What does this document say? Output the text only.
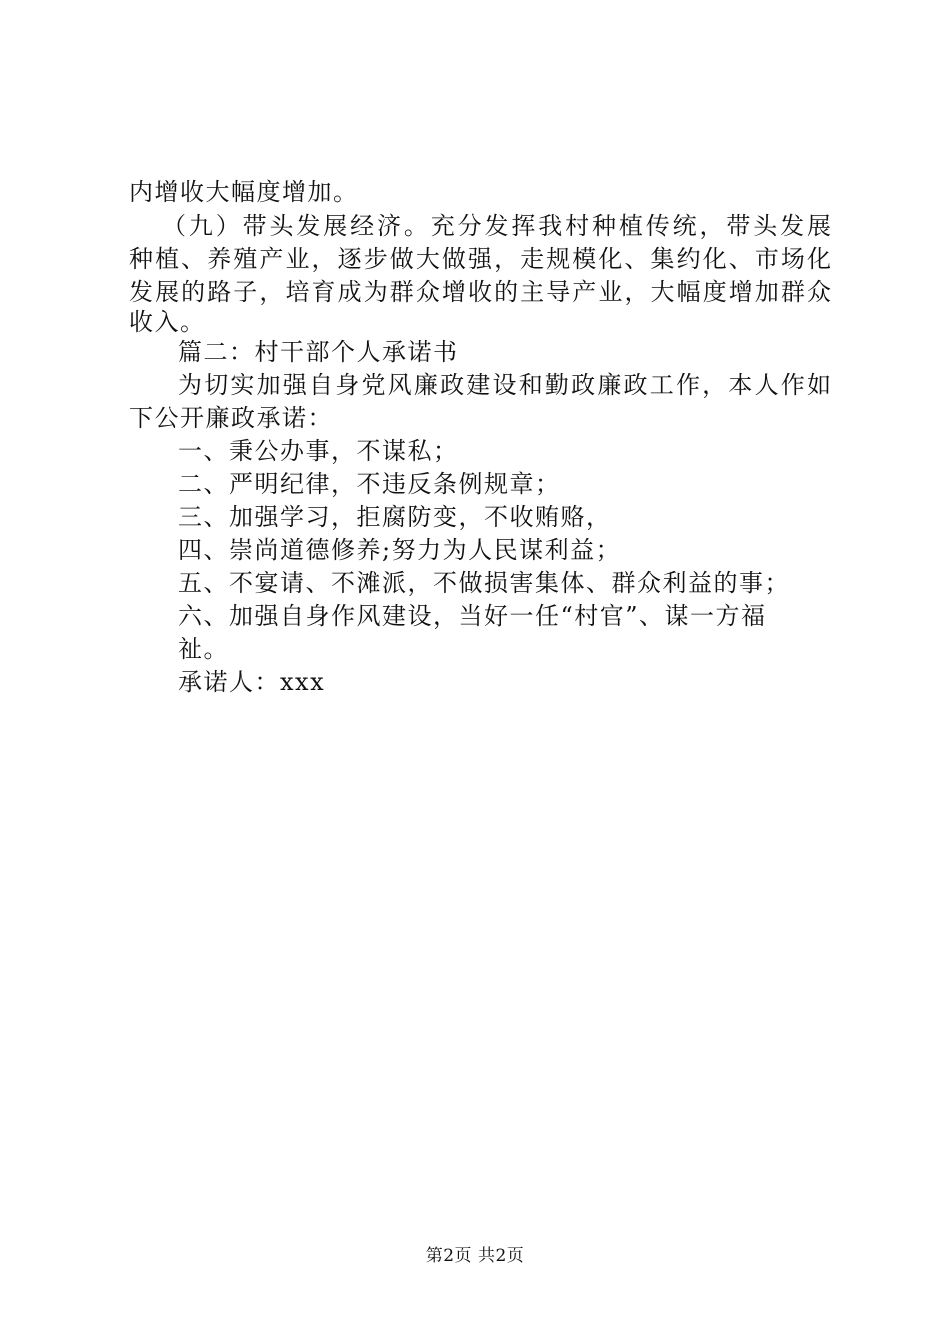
内增收大幅度增加。
（九）带头发展经济。充分发挥我村种植传统，带头发展
种植、养殖产业，逐步做大做强，走规模化、集约化、市场化
发展的路子，培育成为群众增收的主导产业，大幅度增加群众
收入。
篇二：村干部个人承诺书
为切实加强自身党风廉政建设和勤政廉政工作，本人作如
下公开廉政承诺：
一、秉公办事，不谋私；
二、严明纪律，不违反条例规章；
三、加强学习，拒腐防变，不收贿赂，
四、崇尚道德修养;努力为人民谋利益；
五、不宴请、不滩派，不做损害集体、群众利益的事；
六、加强自身作风建设，当好一任“村官”、谋一方福
祉。
承诺人：xxx
第2页 共2页
